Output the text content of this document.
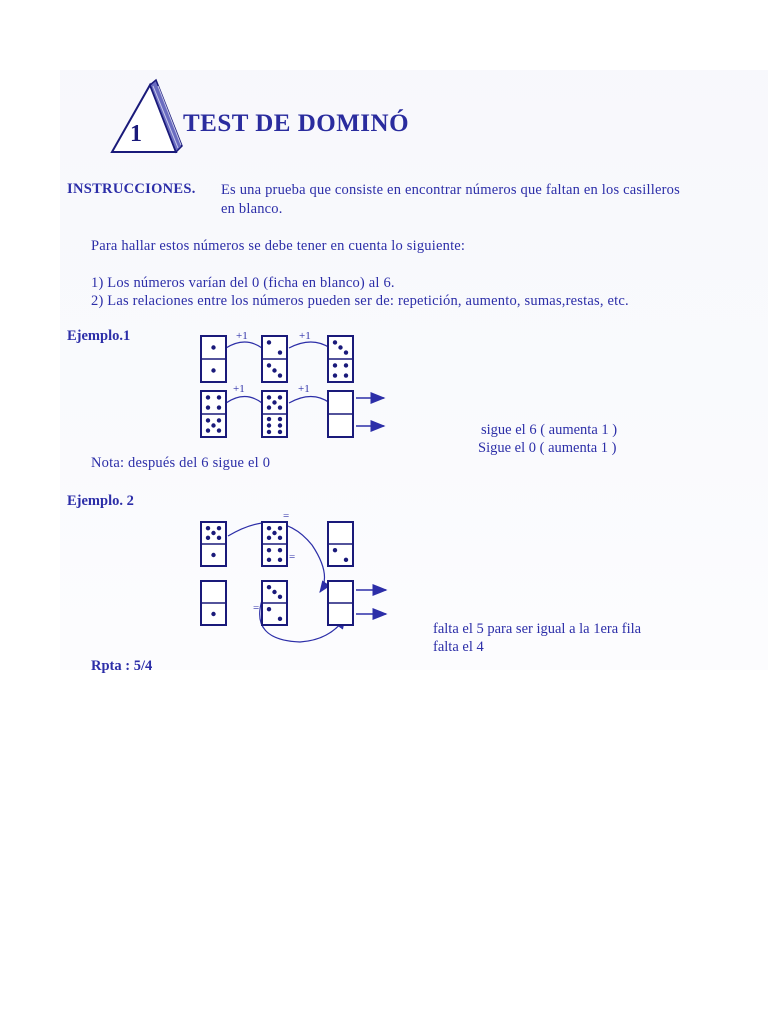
1 TEST DE DOMINÓ
INSTRUCCIONES. Es una prueba que consiste en encontrar números que faltan en los casilleros en blanco.
Para hallar estos números se debe tener en cuenta lo siguiente:
1) Los números varían del 0 (ficha en blanco) al 6.
2) Las relaciones entre los números pueden ser de: repetición, aumento, sumas,restas, etc.
Ejemplo.1	+1	+1
+1	+1
sigue el 6 ( aumenta 1 )
Sigue el 0 ( aumenta 1 )
Nota: después del 6 sigue el 0
Ejemplo. 2
=
=
=
falta el 5 para ser igual a la 1era fila
falta el 4
Rpta : 5/4
